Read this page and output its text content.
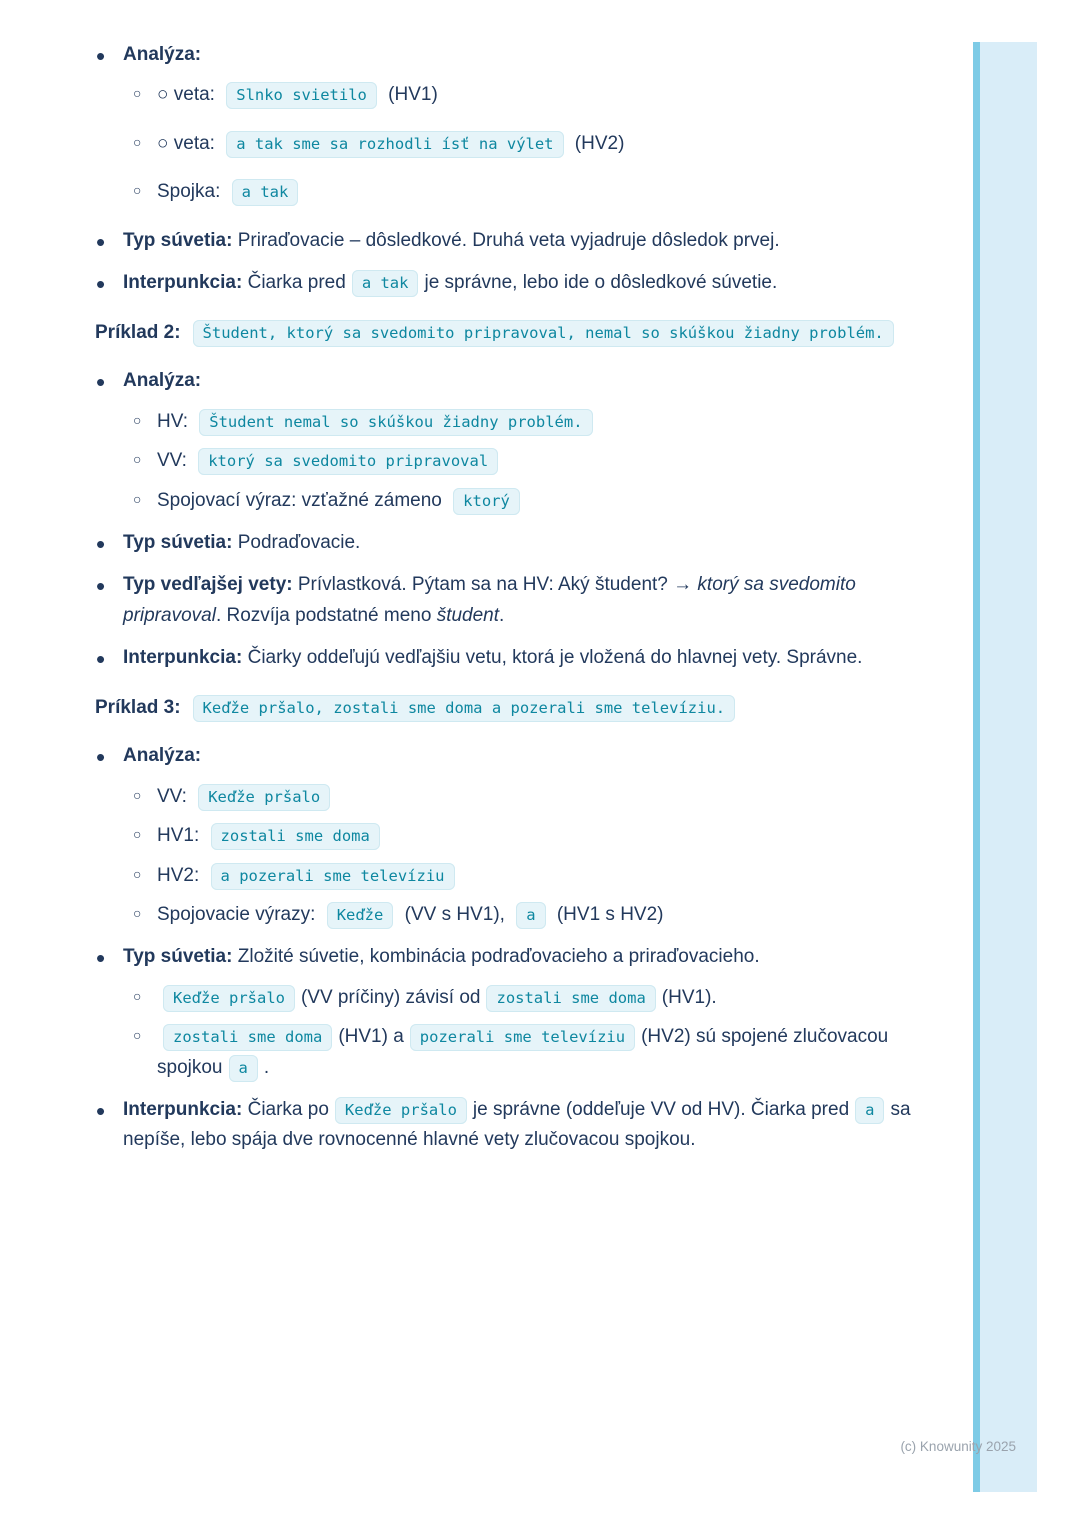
(c) Knowunity 2025
• Analýza:
○ ○ veta: Slnko svietilo (HV1)
○ ○ veta: a tak sme sa rozhodli ísť na výlet (HV2)
○ Spojka: a tak
• Typ súvetia: Priraďovacie – dôsledkové. Druhá veta vyjadruje dôsledok prvej.
• Interpunkcia: Čiarka pred a tak je správne, lebo ide o dôsledkové súvetie.

Príklad 2: Študent, ktorý sa svedomito pripravoval, nemal so skúškou žiadny problém.

• Analýza:
○ HV: Študent nemal so skúškou žiadny problém.
○ VV: ktorý sa svedomito pripravoval
○ Spojovací výraz: vzťažné zámeno ktorý
• Typ súvetia: Podraďovacie.
• Typ vedľajšej vety: Prívlastková. Pýtam sa na HV: Aký študent? → ktorý sa svedomito pripravoval. Rozvíja podstatné meno študent.
• Interpunkcia: Čiarky oddeľujú vedľajšiu vetu, ktorá je vložená do hlavnej vety. Správne.

Príklad 3: Keďže pršalo, zostali sme doma a pozerali sme televíziu.

• Analýza:
○ VV: Keďže pršalo
○ HV1: zostali sme doma
○ HV2: a pozerali sme televíziu
○ Spojovacie výrazy: Keďže (VV s HV1), a (HV1 s HV2)
• Typ súvetia: Zložité súvetie, kombinácia podraďovacieho a priraďovacieho.
○ Keďže pršalo (VV príčiny) závisí od zostali sme doma (HV1).
○ zostali sme doma (HV1) a pozerali sme televíziu (HV2) sú spojené zlučovacou spojkou a .
• Interpunkcia: Čiarka po Keďže pršalo je správne (oddeľuje VV od HV). Čiarka pred a sa nepíše, lebo spája dve rovnocenné hlavné vety zlučovacou spojkou.
